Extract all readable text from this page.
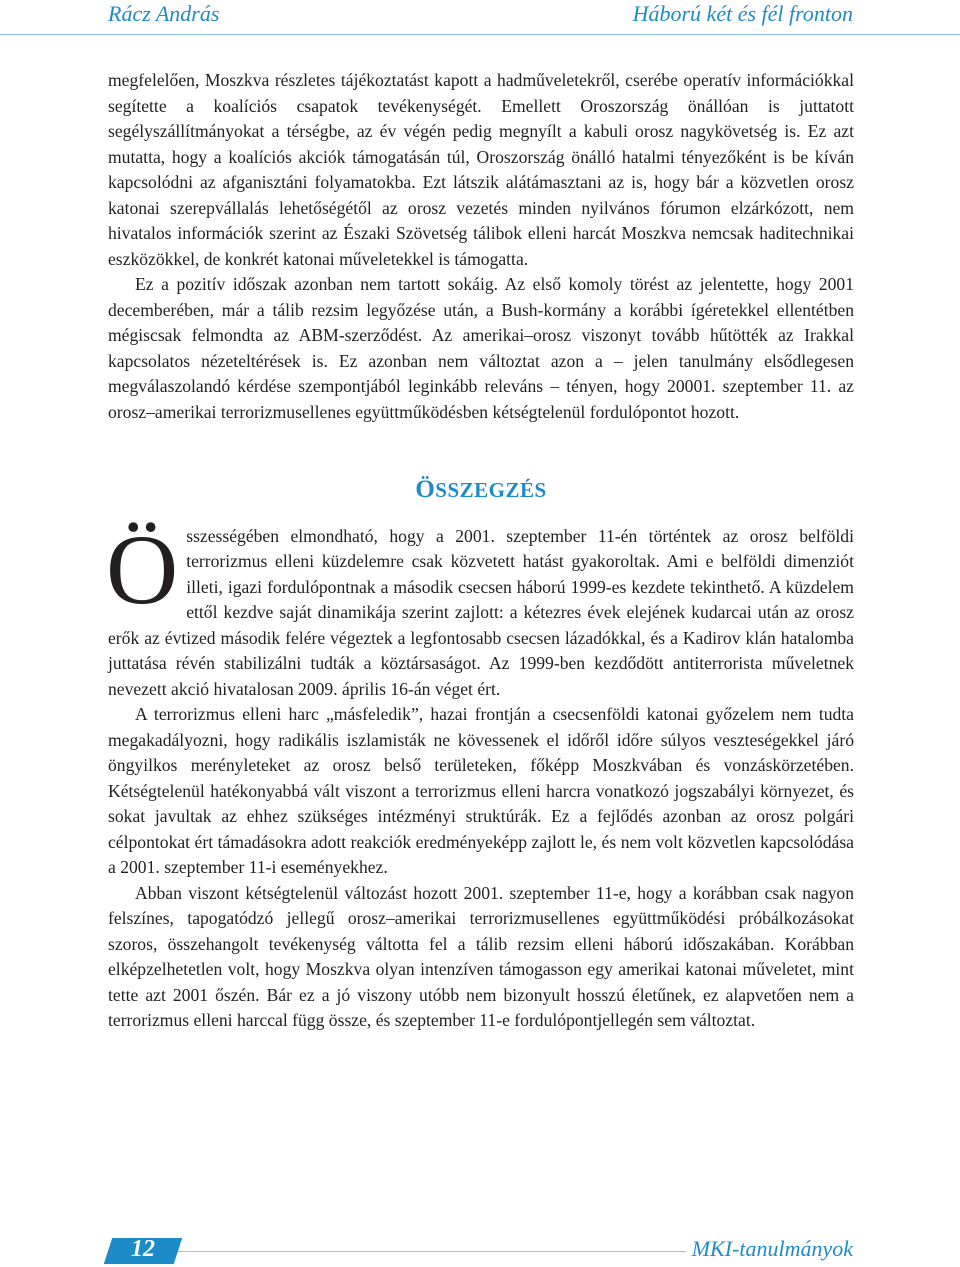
Rácz András	Háború két és fél fronton

megfelelően, Moszkva részletes tájékoztatást kapott a hadműveletekről, cserébe operatív információkkal segítette a koalíciós csapatok tevékenységét. Emellett Oroszország önállóan is juttatott segélyszállítmányokat a térségbe, az év végén pedig megnyílt a kabuli orosz nagykövetség is. Ez azt mutatta, hogy a koalíciós akciók támogatásán túl, Oroszország önálló hatalmi tényezőként is be kíván kapcsolódni az afganisztáni folyamatokba. Ezt látszik alátámasztani az is, hogy bár a közvetlen orosz katonai szerepvállalás lehetőségétől az orosz vezetés minden nyilvános fórumon elzárkózott, nem hivatalos információk szerint az Északi Szövetség tálibok elleni harcát Moszkva nemcsak haditechnikai eszközökkel, de konkrét katonai műveletekkel is támogatta.

Ez a pozitív időszak azonban nem tartott sokáig. Az első komoly törést az jelentette, hogy 2001 decemberében, már a tálib rezsim legyőzése után, a Bush-kormány a korábbi ígéretekkel ellentétben mégiscsak felmondta az ABM-szerződést. Az amerikai–orosz viszonyt tovább hűtötték az Irakkal kapcsolatos nézeteltérések is. Ez azonban nem változtat azon a – jelen tanulmány elsődlegesen megválaszolandó kérdése szempontjából leginkább releváns – tényen, hogy 20001. szeptember 11. az orosz–amerikai terrorizmusellenes együttműködésben kétségtelenül fordulópontot hozott.

ÖSSZEGZÉS

Összességében elmondható, hogy a 2001. szeptember 11-én történtek az orosz belföldi terrorizmus elleni küzdelemre csak közvetett hatást gyakoroltak. Ami e belföldi dimenziót illeti, igazi fordulópontnak a második csecsen háború 1999-es kezdete tekinthető. A küzdelem ettől kezdve saját dinamikája szerint zajlott: a kétezres évek elejének kudarcai után az orosz erők az évtized második felére végeztek a legfontosabb csecsen lázadókkal, és a Kadirov klán hatalomba juttatása révén stabilizálni tudták a köztársaságot. Az 1999-ben kezdődött antiterrorista műveletnek nevezett akció hivatalosan 2009. április 16-án véget ért.

A terrorizmus elleni harc „másfeledik”, hazai frontján a csecsenföldi katonai győzelem nem tudta megakadályozni, hogy radikális iszlamisták ne kövessenek el időről időre súlyos veszteségekkel járó öngyilkos merényleteket az orosz belső területeken, főképp Moszkvában és vonzáskörzetében. Kétségtelenül hatékonyabbá vált viszont a terrorizmus elleni harcra vonatkozó jogszabályi környezet, és sokat javultak az ehhez szükséges intézményi struktúrák. Ez a fejlődés azonban az orosz polgári célpontokat ért támadásokra adott reakciók eredményeképp zajlott le, és nem volt közvetlen kapcsolódása a 2001. szeptember 11-i eseményekhez.

Abban viszont kétségtelenül változást hozott 2001. szeptember 11-e, hogy a korábban csak nagyon felszínes, tapogatódzó jellegű orosz–amerikai terrorizmusellenes együttműködési próbálkozásokat szoros, összehangolt tevékenység váltotta fel a tálib rezsim elleni háború időszakában. Korábban elképzelhetetlen volt, hogy Moszkva olyan intenzíven támogasson egy amerikai katonai műveletet, mint tette azt 2001 őszén. Bár ez a jó viszony utóbb nem bizonyult hosszú életűnek, ez alapvetően nem a terrorizmus elleni harccal függ össze, és szeptember 11-e fordulópontjellegén sem változtat.

12	MKI-tanulmányok
